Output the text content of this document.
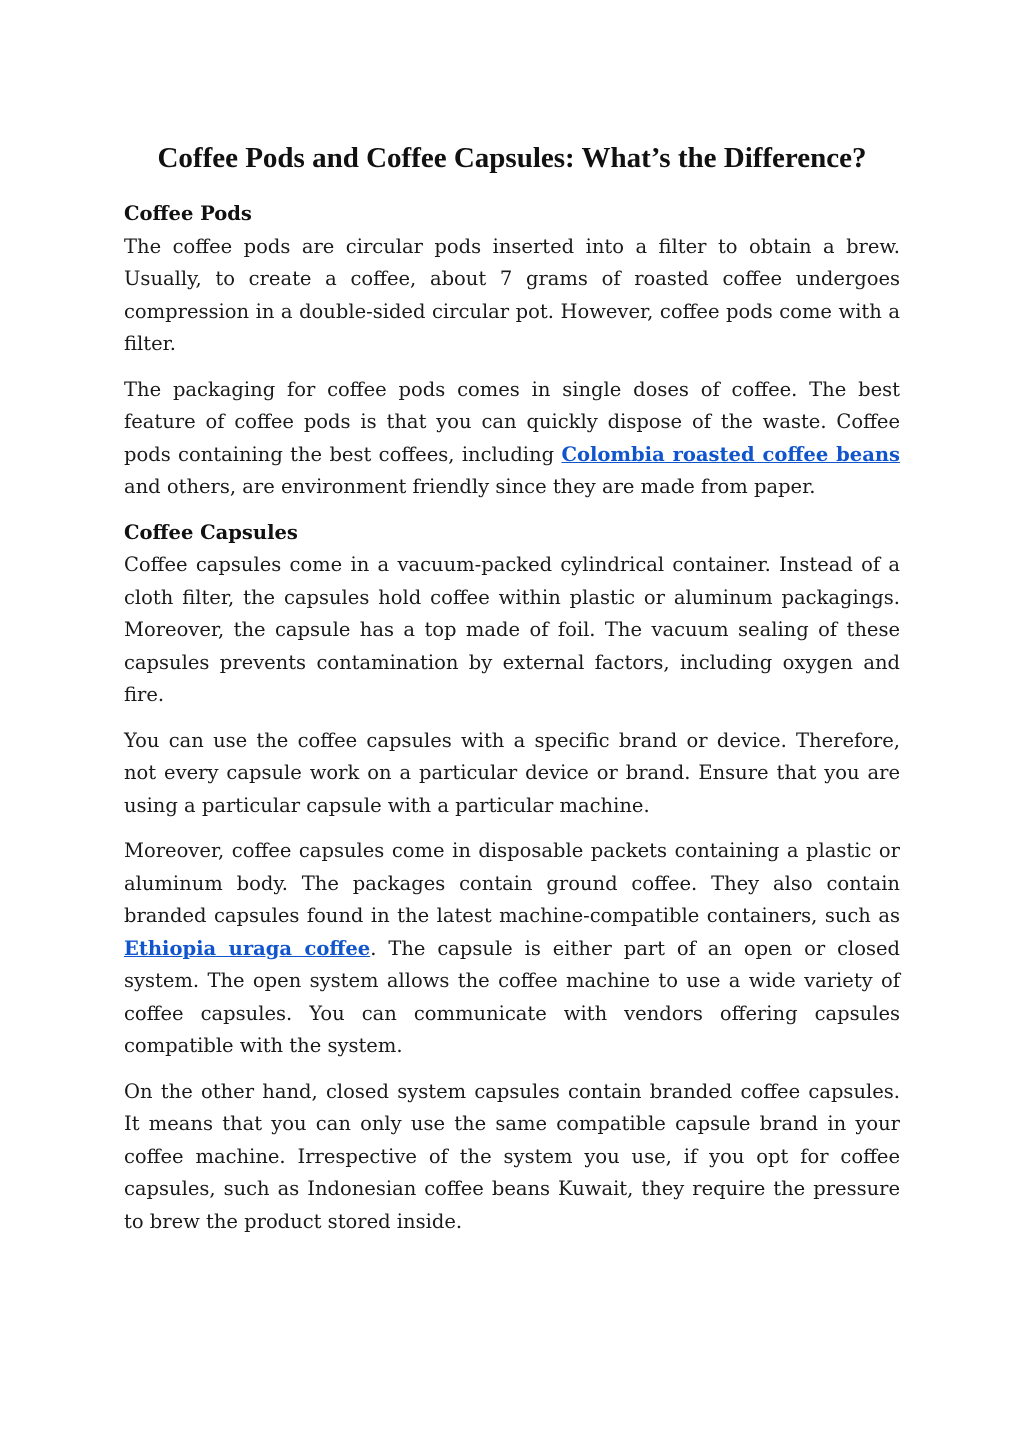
Coffee Pods and Coffee Capsules: What’s the Difference?
Coffee Pods

The coffee pods are circular pods inserted into a filter to obtain a brew. Usually, to create a coffee, about 7 grams of roasted coffee undergoes compression in a double-sided circular pot. However, coffee pods come with a filter.

The packaging for coffee pods comes in single doses of coffee. The best feature of coffee pods is that you can quickly dispose of the waste. Coffee pods containing the best coffees, including Colombia roasted coffee beans and others, are environment friendly since they are made from paper.

Coffee Capsules

Coffee capsules come in a vacuum-packed cylindrical container. Instead of a cloth filter, the capsules hold coffee within plastic or aluminum packagings. Moreover, the capsule has a top made of foil. The vacuum sealing of these capsules prevents contamination by external factors, including oxygen and fire.

You can use the coffee capsules with a specific brand or device. Therefore, not every capsule work on a particular device or brand. Ensure that you are using a particular capsule with a particular machine.

Moreover, coffee capsules come in disposable packets containing a plastic or aluminum body. The packages contain ground coffee. They also contain branded capsules found in the latest machine-compatible containers, such as Ethiopia uraga coffee. The capsule is either part of an open or closed system. The open system allows the coffee machine to use a wide variety of coffee capsules. You can communicate with vendors offering capsules compatible with the system.

On the other hand, closed system capsules contain branded coffee capsules. It means that you can only use the same compatible capsule brand in your coffee machine. Irrespective of the system you use, if you opt for coffee capsules, such as Indonesian coffee beans Kuwait, they require the pressure to brew the product stored inside.
